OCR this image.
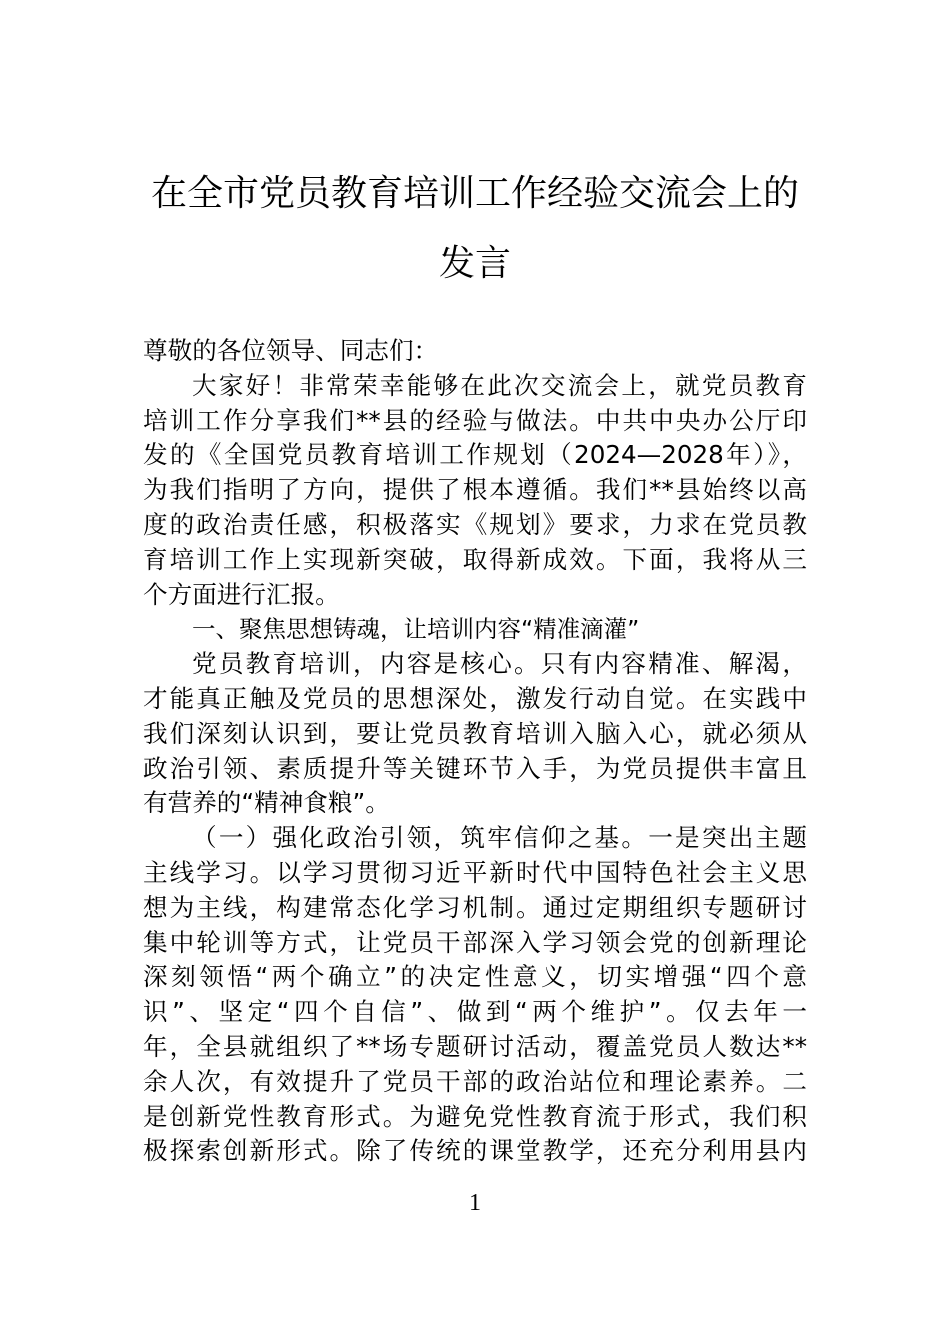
在全市党员教育培训工作经验交流会上的
发言
尊敬的各位领导、同志们：
大家好！非常荣幸能够在此次交流会上，就党员教育
培训工作分享我们**县的经验与做法。中共中央办公厅印
发的《全国党员教育培训工作规划（2024—2028年）》，
为我们指明了方向，提供了根本遵循。我们**县始终以高
度的政治责任感，积极落实《规划》要求，力求在党员教
育培训工作上实现新突破，取得新成效。下面，我将从三
个方面进行汇报。
一、聚焦思想铸魂，让培训内容“精准滴灌”
党员教育培训，内容是核心。只有内容精准、解渴，
才能真正触及党员的思想深处，激发行动自觉。在实践中
我们深刻认识到，要让党员教育培训入脑入心，就必须从
政治引领、素质提升等关键环节入手，为党员提供丰富且
有营养的“精神食粮”。
（一）强化政治引领，筑牢信仰之基。一是突出主题
主线学习。以学习贯彻习近平新时代中国特色社会主义思
想为主线，构建常态化学习机制。通过定期组织专题研讨
集中轮训等方式，让党员干部深入学习领会党的创新理论
深刻领悟“两个确立”的决定性意义，切实增强“四个意
识”、坚定“四个自信”、做到“两个维护”。仅去年一
年，全县就组织了**场专题研讨活动，覆盖党员人数达**
余人次，有效提升了党员干部的政治站位和理论素养。二
是创新党性教育形式。为避免党性教育流于形式，我们积
极探索创新形式。除了传统的课堂教学，还充分利用县内
1
